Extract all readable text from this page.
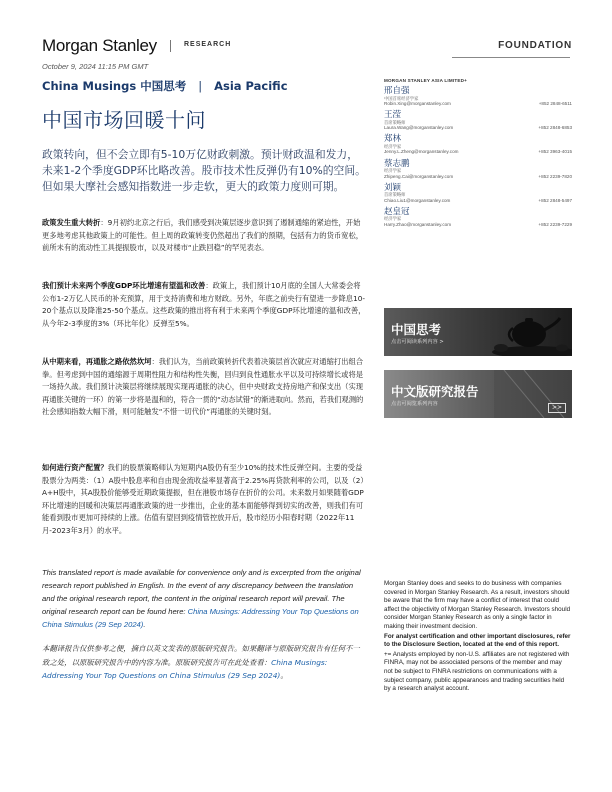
Morgan Stanley	RESEARCH	FOUNDATION
October 9, 2024 11:15 PM GMT
China Musings 中国思考 | Asia Pacific
中国市场回暖十问
政策转向，但不会立即有5-10万亿财政刺激。预计财政温和发力，未来1-2个季度GDP环比略改善。股市技术性反弹仍有10%的空间。但如果大摩社会感知指数进一步走软，更大的政策力度则可期。
政策发生重大转折：9月初约北京之行后，我们感受到决策层逐步意识到了遏制通缩的紧迫性，开始更多地考虑其他政策上的可能性。但上周的政策转变仍然超出了我们的预期，包括有力的货币宽松，前所未有的流动性工具提振股市，以及对楼市“止跌回稳”的罕见表态。
我们预计未来两个季度GDP环比增速有望温和改善：政策上，我们预计10月底的全国人大常委会将公布1-2万亿人民币的补充预算，用于支持消费和地方财政。另外，年底之前央行有望进一步降息10-20个基点以及降准25-50个基点。这些政策的推出将有利于未来两个季度GDP环比增速的温和改善，从今年2-3季度的3%（环比年化）反弹至5%。
从中期来看，再通胀之路依然坎坷：我们认为，当前政策转折代表着决策层首次就应对通缩打出组合拳。但考虑到中国的通缩源于周期性阻力和结构性失衡，回归到良性通胀水平以及可持续增长或将是一场持久战。我们预计决策层将继续展现实现再通胀的决心，但中央财政支持房地产和保支出（实现再通胀关键的一环）的第一步将是温和的，符合一贯的“动态试错”的渐进取向。然而，若我们观测的社会感知指数大幅下滑，则可能触发“不惜一切代价”再通胀的关键时刻。
如何进行资产配置？我们的股票策略师认为短期内A股仍有至少10%的技术性反弹空间。主要的受益股票分为两类：（1）A股中股息率和自由现金流收益率显著高于2.25%再贷款利率的公司，以及（2）A+H股中，其A股股价能够受近期政策提振，但在港股市场存在折价的公司。未来数月如果随着GDP环比增速的回暖和决策层再通胀政策的进一步推出，企业的基本面能够得到切实的改善，则我们有可能看到股市更加可持续的上涨。估值有望回到疫情管控放开后，股市经历小阳春时期（2022年11月-2023年3月）的水平。
This translated report is made available for convenience only and is excerpted from the original research report published in English. In the event of any discrepancy between the translation and the original research report, the content in the original research report will prevail. The original research report can be found here: China Musings: Addressing Your Top Questions on China Stimulus (29 Sep 2024).
本翻译报告仅供参考之便，摘自以英文发表的原版研究报告。如果翻译与原版研究报告有任何不一致之处，以原版研究报告中的内容为准。原版研究报告可在此处查看：China Musings: Addressing Your Top Questions on China Stimulus (29 Sep 2024)。
MORGAN STANLEY ASIA LIMITED+
邢自强
中国首席经济学家
Robin.Xing@morganstanley.com	+852 2848-6511
王滢
首席策略师
Laura.Wang@morganstanley.com	+852 2848-6853
郑林
经济学家
Jenny.L.Zheng@morganstanley.com	+852 3963-4015
蔡志鹏
经济学家
Zhipeng.Cai@morganstanley.com	+852 2239-7820
刘颖
首席策略师
Chiao.Liu1@morganstanley.com	+852 2848-5497
赵皇冠
经济学家
Harry.Zhao@morganstanley.com	+852 2239-7229
中国思考
点击可阅读系列内容 >
中文版研究报告
点击可阅览系列内容	>>
Morgan Stanley does and seeks to do business with companies covered in Morgan Stanley Research. As a result, investors should be aware that the firm may have a conflict of interest that could affect the objectivity of Morgan Stanley Research. Investors should consider Morgan Stanley Research as only a single factor in making their investment decision.
For analyst certification and other important disclosures, refer to the Disclosure Section, located at the end of this report.
+= Analysts employed by non-U.S. affiliates are not registered with FINRA, may not be associated persons of the member and may not be subject to FINRA restrictions on communications with a subject company, public appearances and trading securities held by a research analyst account.
